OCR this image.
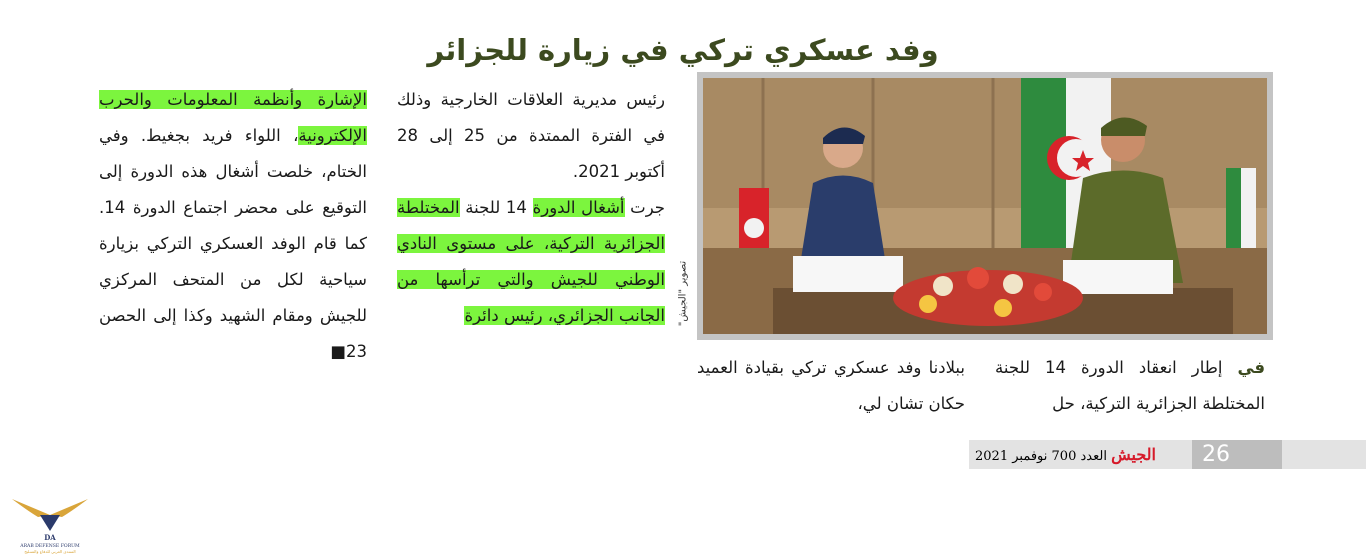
وفد عسكري تركي في زيارة للجزائر

رئيس مديرية العلاقات الخارجية وذلك في الفترة الممتدة من 25 إلى 28 أكتوبر 2021.

جرت أشغال الدورة 14 للجنة المختلطة الجزائرية التركية، على مستوى النادي الوطني للجيش والتي ترأسها من الجانب الجزائري، رئيس دائرة

الإشارة وأنظمة المعلومات والحرب الإلكترونية، اللواء فريد بجغيط. وفي الختام، خلصت أشغال هذه الدورة إلى التوقيع على محضر اجتماع الدورة 14. كما قام الوفد العسكري التركي بزيارة سياحية لكل من المتحف المركزي للجيش ومقام الشهيد وكذا إلى الحصن 23■

تصوير "الجيش"

في إطار انعقاد الدورة 14 للجنة المختلطة الجزائرية التركية، حل

ببلادنا وفد عسكري تركي بقيادة العميد حكان تشان لي،

26
الجيش العدد 700 نوفمبر 2021
DA
ARAB DEFENSE FORUM
المنتدى العربي للدفاع والتسليح
